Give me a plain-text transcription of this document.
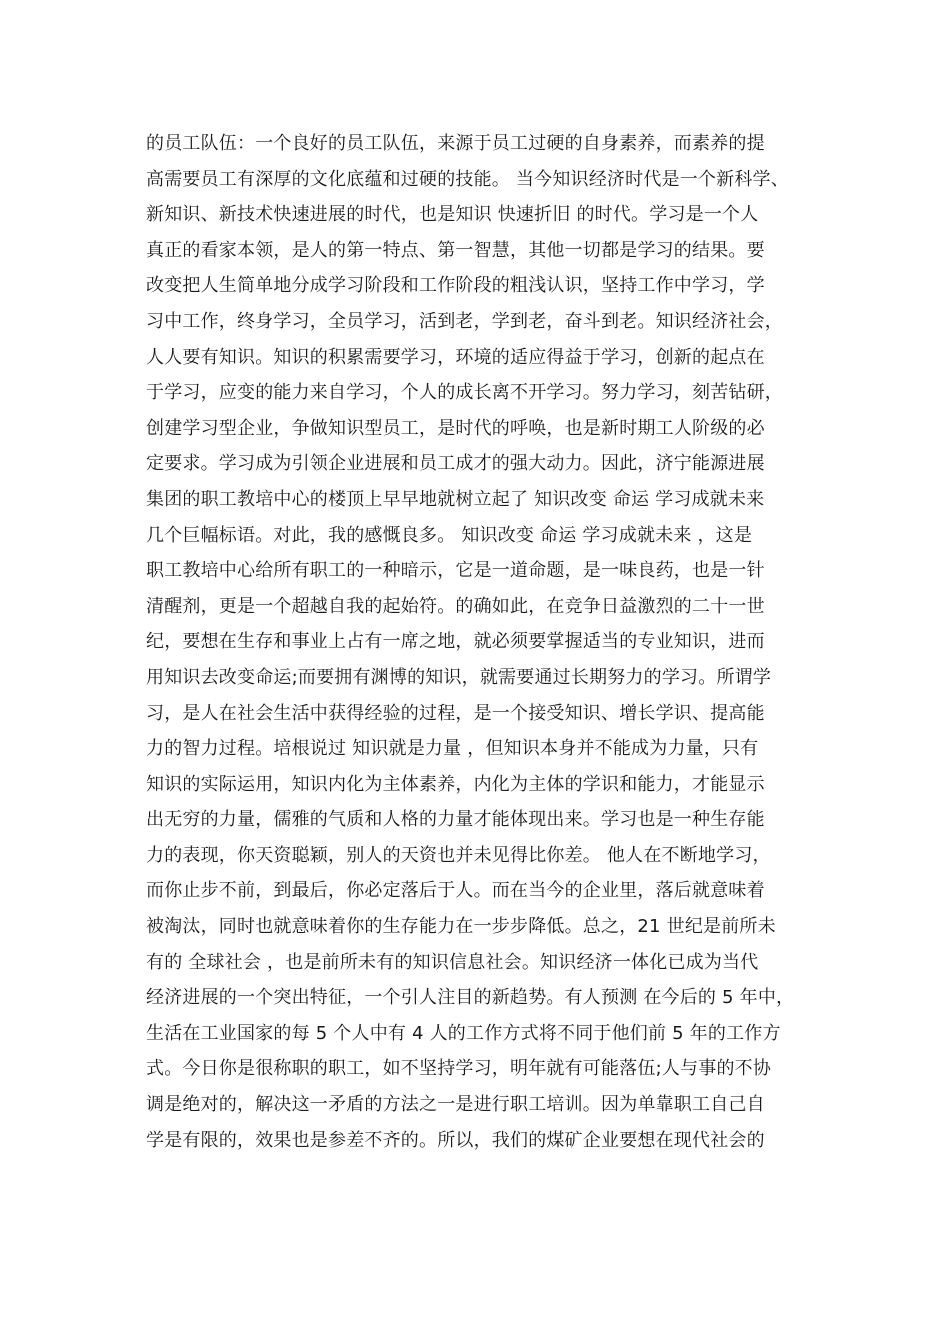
的员工队伍：一个良好的员工队伍，来源于员工过硬的自身素养，而素养的提
高需要员工有深厚的文化底蕴和过硬的技能。 当今知识经济时代是一个新科学、
新知识、新技术快速进展的时代，也是知识 快速折旧 的时代。学习是一个人
真正的看家本领，是人的第一特点、第一智慧，其他一切都是学习的结果。要
改变把人生简单地分成学习阶段和工作阶段的粗浅认识，坚持工作中学习，学
习中工作，终身学习，全员学习，活到老，学到老，奋斗到老。知识经济社会，
人人要有知识。知识的积累需要学习，环境的适应得益于学习，创新的起点在
于学习，应变的能力来自学习，个人的成长离不开学习。努力学习，刻苦钻研，
创建学习型企业，争做知识型员工，是时代的呼唤，也是新时期工人阶级的必
定要求。学习成为引领企业进展和员工成才的强大动力。因此，济宁能源进展
集团的职工教培中心的楼顶上早早地就树立起了 知识改变 命运 学习成就未来
几个巨幅标语。对此，我的感慨良多。 知识改变 命运 学习成就未来 ，这是
职工教培中心给所有职工的一种暗示，它是一道命题，是一味良药，也是一针
清醒剂，更是一个超越自我的起始符。的确如此，在竞争日益激烈的二十一世
纪，要想在生存和事业上占有一席之地，就必须要掌握适当的专业知识，进而
用知识去改变命运;而要拥有渊博的知识，就需要通过长期努力的学习。所谓学
习，是人在社会生活中获得经验的过程，是一个接受知识、增长学识、提高能
力的智力过程。培根说过 知识就是力量 ，但知识本身并不能成为力量，只有
知识的实际运用，知识内化为主体素养，内化为主体的学识和能力，才能显示
出无穷的力量，儒雅的气质和人格的力量才能体现出来。学习也是一种生存能
力的表现，你天资聪颖，别人的天资也并未见得比你差。 他人在不断地学习，
而你止步不前，到最后，你必定落后于人。而在当今的企业里，落后就意味着
被淘汰，同时也就意味着你的生存能力在一步步降低。总之，21 世纪是前所未
有的 全球社会 ，也是前所未有的知识信息社会。知识经济一体化已成为当代
经济进展的一个突出特征，一个引人注目的新趋势。有人预测 在今后的 5 年中，
生活在工业国家的每 5 个人中有 4 人的工作方式将不同于他们前 5 年的工作方
式。今日你是很称职的职工，如不坚持学习，明年就有可能落伍;人与事的不协
调是绝对的，解决这一矛盾的方法之一是进行职工培训。因为单靠职工自己自
学是有限的，效果也是参差不齐的。所以，我们的煤矿企业要想在现代社会的
